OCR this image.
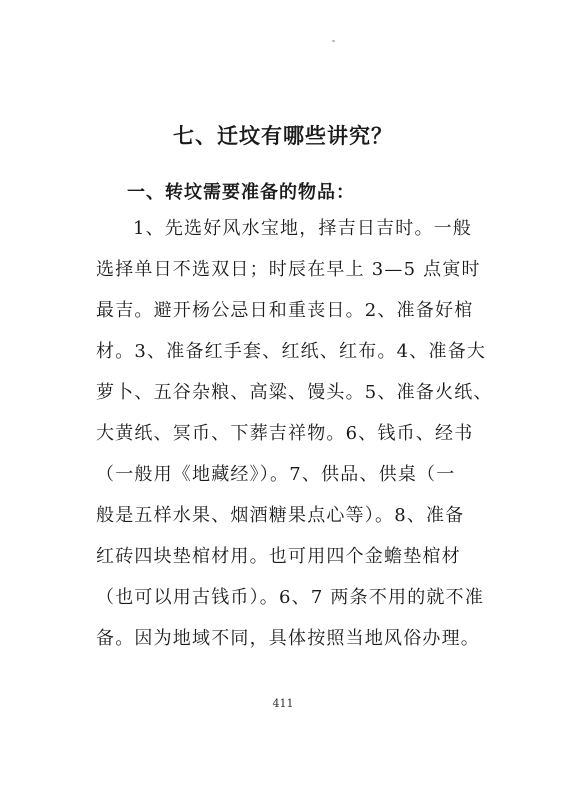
七、迁坟有哪些讲究？
一、转坟需要准备的物品：
1、先选好风水宝地，择吉日吉时。一般
选择单日不选双日；时辰在早上 3—5 点寅时
最吉。避开杨公忌日和重丧日。2、准备好棺
材。3、准备红手套、红纸、红布。4、准备大
萝卜、五谷杂粮、高粱、馒头。5、准备火纸、
大黄纸、冥币、下葬吉祥物。6、钱币、经书
（一般用《地藏经》）。7、供品、供桌（一
般是五样水果、烟酒糖果点心等）。8、准备
红砖四块垫棺材用。也可用四个金蟾垫棺材
（也可以用古钱币）。6、7 两条不用的就不准
备。因为地域不同，具体按照当地风俗办理。
411
